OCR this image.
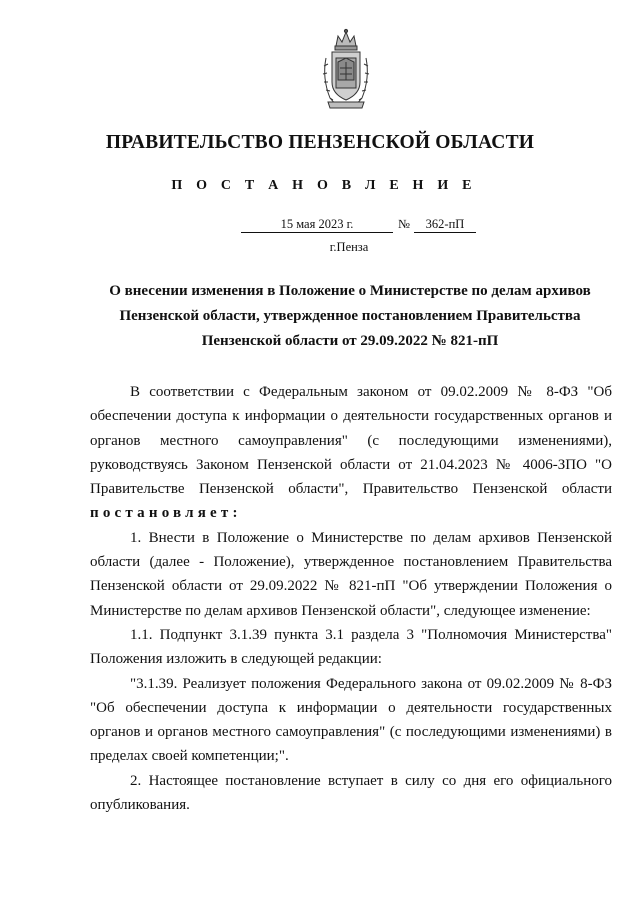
ПРАВИТЕЛЬСТВО ПЕНЗЕНСКОЙ ОБЛАСТИ
П О С Т А Н О В Л Е Н И Е
15 мая 2023 г.	№	362-пП
г.Пенза
О внесении изменения в Положение о Министерстве по делам архивов Пензенской области, утвержденное постановлением Правительства Пензенской области от 29.09.2022 № 821-пП

В соответствии с Федеральным законом от 09.02.2009 № 8-ФЗ "Об обеспечении доступа к информации о деятельности государственных органов и органов местного самоуправления" (с последующими изменениями), руководствуясь Законом Пензенской области от 21.04.2023 № 4006-ЗПО "О Правительстве Пензенской области", Правительство Пензенской области постановляет:

1. Внести в Положение о Министерстве по делам архивов Пензенской области (далее - Положение), утвержденное постановлением Правительства Пензенской области от 29.09.2022 № 821-пП "Об утверждении Положения о Министерстве по делам архивов Пензенской области", следующее изменение:

1.1. Подпункт 3.1.39 пункта 3.1 раздела 3 "Полномочия Министерства" Положения изложить в следующей редакции:

"3.1.39. Реализует положения Федерального закона от 09.02.2009 № 8-ФЗ "Об обеспечении доступа к информации о деятельности государственных органов и органов местного самоуправления" (с последующими изменениями) в пределах своей компетенции;".

2. Настоящее постановление вступает в силу со дня его официального опубликования.
